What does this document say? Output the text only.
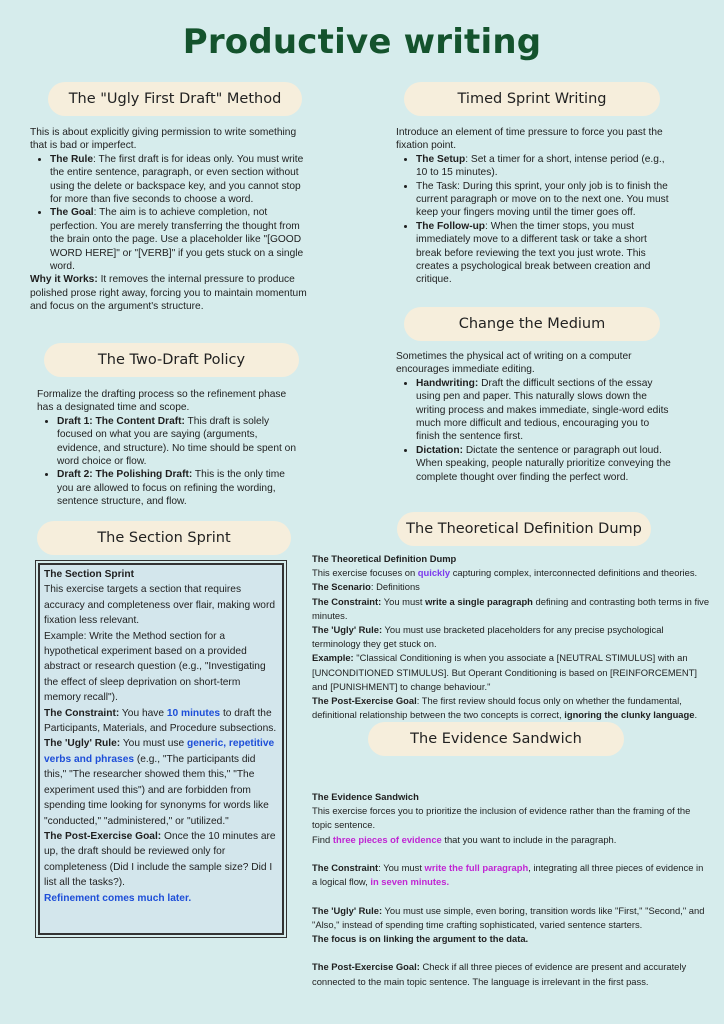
Productive writing
The "Ugly First Draft" Method

This is about explicitly giving permission to write something that is bad or imperfect.

• The Rule: The first draft is for ideas only. You must write the entire sentence, paragraph, or even section without using the delete or backspace key, and you cannot stop for more than five seconds to choose a word.
• The Goal: The aim is to achieve completion, not perfection. You are merely transferring the thought from the brain onto the page. Use a placeholder like "[GOOD WORD HERE]" or "[VERB]" if you gets stuck on a single word.

Why it Works: It removes the internal pressure to produce polished prose right away, forcing you to maintain momentum and focus on the argument's structure.

The Two-Draft Policy

Formalize the drafting process so the refinement phase has a designated time and scope.

• Draft 1: The Content Draft: This draft is solely focused on what you are saying (arguments, evidence, and structure). No time should be spent on word choice or flow.
• Draft 2: The Polishing Draft: This is the only time you are allowed to focus on refining the wording, sentence structure, and flow.
The Section Sprint

The Section Sprint

This exercise targets a section that requires accuracy and completeness over flair, making word fixation less relevant.

Example: Write the Method section for a hypothetical experiment based on a provided abstract or research question (e.g., "Investigating the effect of sleep deprivation on short-term memory recall").

The Constraint: You have 10 minutes to draft the Participants, Materials, and Procedure subsections.

The 'Ugly' Rule: You must use generic, repetitive verbs and phrases (e.g., "The participants did this," "The researcher showed them this," "The experiment used this") and are forbidden from spending time looking for synonyms for words like "conducted," "administered," or "utilized."

The Post-Exercise Goal: Once the 10 minutes are up, the draft should be reviewed only for completeness (Did I include the sample size? Did I list all the tasks?).

Refinement comes much later.

Timed Sprint Writing

Introduce an element of time pressure to force you past the fixation point.

• The Setup: Set a timer for a short, intense period (e.g., 10 to 15 minutes).
• The Task: During this sprint, your only job is to finish the current paragraph or move on to the next one. You must keep your fingers moving until the timer goes off.
• The Follow-up: When the timer stops, you must immediately move to a different task or take a short break before reviewing the text you just wrote. This creates a psychological break between creation and critique.
Change the Medium

Sometimes the physical act of writing on a computer encourages immediate editing.

• Handwriting: Draft the difficult sections of the essay using pen and paper. This naturally slows down the writing process and makes immediate, single-word edits much more difficult and tedious, encouraging you to finish the sentence first.
• Dictation: Dictate the sentence or paragraph out loud. When speaking, people naturally prioritize conveying the complete thought over finding the perfect word.
The Theoretical Definition Dump

The Theoretical Definition Dump

This exercise focuses on quickly capturing complex, interconnected definitions and theories.

The Scenario: Definitions

The Constraint: You must write a single paragraph defining and contrasting both terms in five minutes.

The 'Ugly' Rule: You must use bracketed placeholders for any precise psychological terminology they get stuck on.

Example: "Classical Conditioning is when you associate a [NEUTRAL STIMULUS] with an [UNCONDITIONED STIMULUS]. But Operant Conditioning is based on [REINFORCEMENT] and [PUNISHMENT] to change behaviour."

The Post-Exercise Goal: The first review should focus only on whether the fundamental, definitional relationship between the two concepts is correct, ignoring the clunky language.

The Evidence Sandwich

The Evidence Sandwich

This exercise forces you to prioritize the inclusion of evidence rather than the framing of the topic sentence.

Find three pieces of evidence that you want to include in the paragraph.

The Constraint: You must write the full paragraph, integrating all three pieces of evidence in a logical flow, in seven minutes.

The 'Ugly' Rule: You must use simple, even boring, transition words like "First," "Second," and "Also," instead of spending time crafting sophisticated, varied sentence starters.

The focus is on linking the argument to the data.

The Post-Exercise Goal: Check if all three pieces of evidence are present and accurately connected to the main topic sentence. The language is irrelevant in the first pass.
